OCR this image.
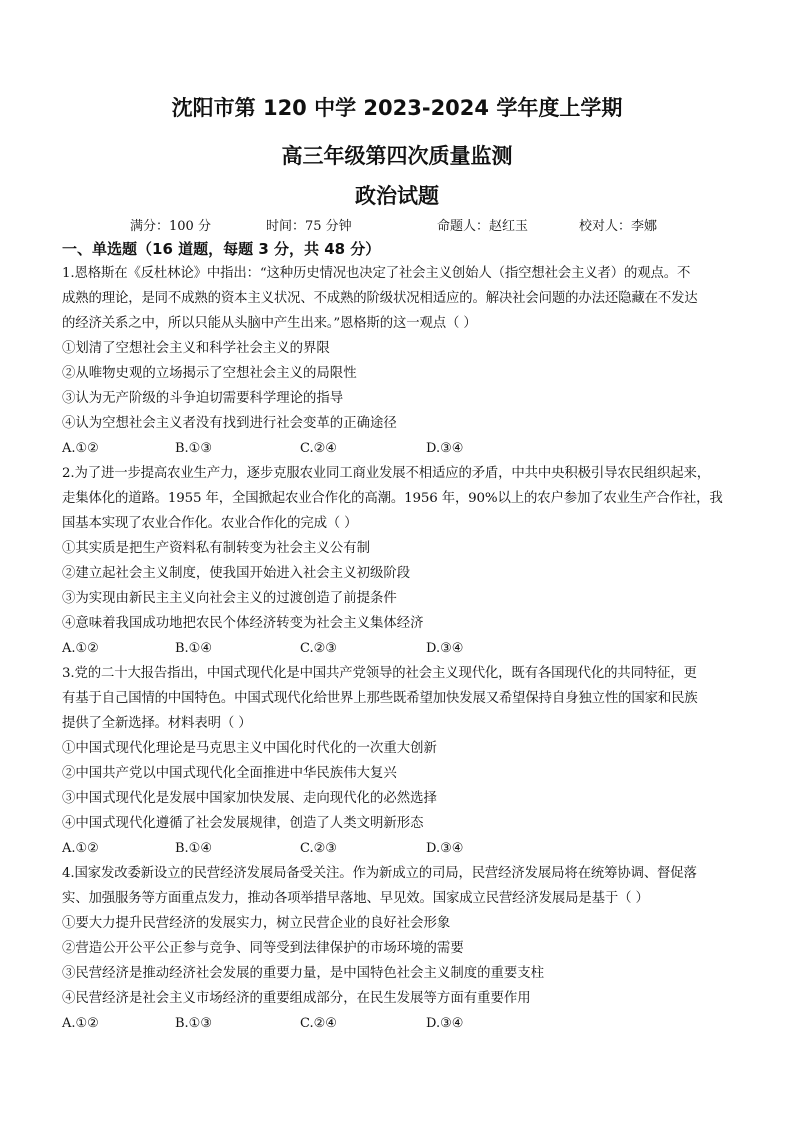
沈阳市第 120 中学 2023-2024 学年度上学期
高三年级第四次质量监测
政治试题
满分：100 分	时间：75 分钟	命题人：赵红玉	校对人：李娜
一、单选题（16 道题，每题 3 分，共 48 分）
1.恩格斯在《反杜林论》中指出：“这种历史情况也决定了社会主义创始人（指空想社会主义者）的观点。不
成熟的理论，是同不成熟的资本主义状况、不成熟的阶级状况相适应的。解决社会问题的办法还隐藏在不发达
的经济关系之中，所以只能从头脑中产生出来。”恩格斯的这一观点（ ）
①划清了空想社会主义和科学社会主义的界限
②从唯物史观的立场揭示了空想社会主义的局限性
③认为无产阶级的斗争迫切需要科学理论的指导
④认为空想社会主义者没有找到进行社会变革的正确途径
A.①②	B.①③	C.②④	D.③④
2.为了进一步提高农业生产力，逐步克服农业同工商业发展不相适应的矛盾，中共中央积极引导农民组织起来，
走集体化的道路。1955 年，全国掀起农业合作化的高潮。1956 年，90%以上的农户参加了农业生产合作社，我
国基本实现了农业合作化。农业合作化的完成（ ）
①其实质是把生产资料私有制转变为社会主义公有制
②建立起社会主义制度，使我国开始进入社会主义初级阶段
③为实现由新民主主义向社会主义的过渡创造了前提条件
④意味着我国成功地把农民个体经济转变为社会主义集体经济
A.①②	B.①④	C.②③	D.③④
3.党的二十大报告指出，中国式现代化是中国共产党领导的社会主义现代化，既有各国现代化的共同特征，更
有基于自己国情的中国特色。中国式现代化给世界上那些既希望加快发展又希望保持自身独立性的国家和民族
提供了全新选择。材料表明（ ）
①中国式现代化理论是马克思主义中国化时代化的一次重大创新
②中国共产党以中国式现代化全面推进中华民族伟大复兴
③中国式现代化是发展中国家加快发展、走向现代化的必然选择
④中国式现代化遵循了社会发展规律，创造了人类文明新形态
A.①②	B.①④	C.②③	D.③④
4.国家发改委新设立的民营经济发展局备受关注。作为新成立的司局，民营经济发展局将在统筹协调、督促落
实、加强服务等方面重点发力，推动各项举措早落地、早见效。国家成立民营经济发展局是基于（ ）
①要大力提升民营经济的发展实力，树立民营企业的良好社会形象
②营造公开公平公正参与竞争、同等受到法律保护的市场环境的需要
③民营经济是推动经济社会发展的重要力量，是中国特色社会主义制度的重要支柱
④民营经济是社会主义市场经济的重要组成部分，在民生发展等方面有重要作用
A.①②	B.①③	C.②④	D.③④
